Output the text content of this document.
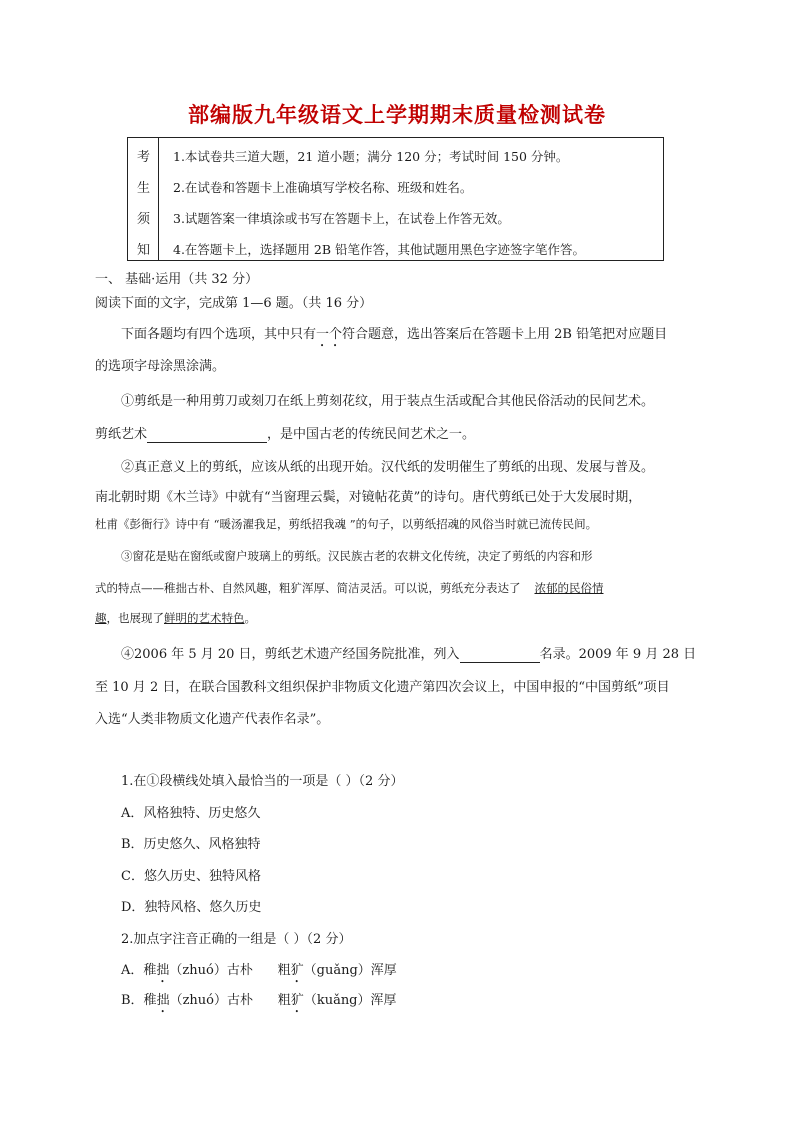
部编版九年级语文上学期期末质量检测试卷
考
生
须
知
1.本试卷共三道大题，21 道小题；满分 120 分；考试时间 150 分钟。
2.在试卷和答题卡上准确填写学校名称、班级和姓名。
3.试题答案一律填涂或书写在答题卡上，在试卷上作答无效。
4.在答题卡上，选择题用 2B 铅笔作答，其他试题用黑色字迹签字笔作答。
一、 基础·运用（共 32 分）
阅读下面的文字，完成第 1—6 题。（共 16 分）
下面各题均有四个选项，其中只有一个符合题意，选出答案后在答题卡上用 2B 铅笔把对应题目
的选项字母涂黑涂满。
①剪纸是一种用剪刀或刻刀在纸上剪刻花纹，用于装点生活或配合其他民俗活动的民间艺术。
剪纸艺术	，是中国古老的传统民间艺术之一。
②真正意义上的剪纸，应该从纸的出现开始。汉代纸的发明催生了剪纸的出现、发展与普及。
南北朝时期《木兰诗》中就有“当窗理云鬓，对镜帖花黄”的诗句。唐代剪纸已处于大发展时期，
杜甫《彭衙行》诗中有 “暖汤濯我足，剪纸招我魂 ”的句子，以剪纸招魂的风俗当时就已流传民间。
③窗花是贴在窗纸或窗户玻璃上的剪纸。汉民族古老的农耕文化传统，决定了剪纸的内容和形
式的特点——稚拙古朴、自然风趣，粗犷浑厚、简洁灵活。可以说，剪纸充分表达了 浓郁的民俗情
趣，也展现了鲜明的艺术特色。
④2006 年 5 月 20 日，剪纸艺术遗产经国务院批准，列入	名录。2009 年 9 月 28 日
至 10 月 2 日，在联合国教科文组织保护非物质文化遗产第四次会议上，中国申报的“中国剪纸”项目
入选“人类非物质文化遗产代表作名录”。
1.在①段横线处填入最恰当的一项是（ ）（2 分）
A．风格独特、历史悠久
B．历史悠久、风格独特
C．悠久历史、独特风格
D．独特风格、悠久历史
2.加点字注音正确的一组是（ ）（2 分）
A．稚拙（zhuó）古朴      粗犷（guǎng）浑厚
B．稚拙（zhuó）古朴      粗犷（kuǎng）浑厚
